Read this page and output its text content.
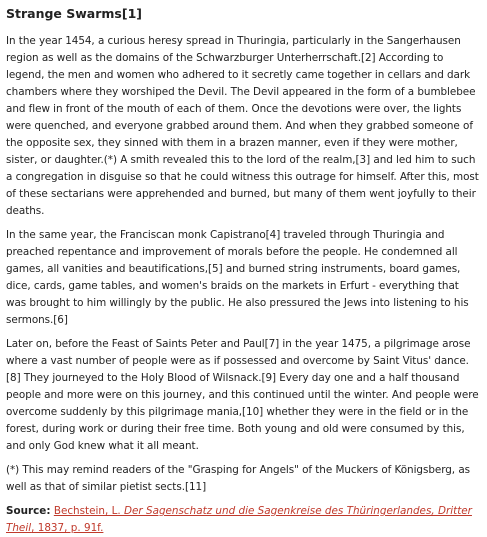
Strange Swarms[1]

In the year 1454, a curious heresy spread in Thuringia, particularly in the Sangerhausen region as well as the domains of the Schwarzburger Unterherrschaft.[2] According to legend, the men and women who adhered to it secretly came together in cellars and dark chambers where they worshiped the Devil. The Devil appeared in the form of a bumblebee and flew in front of the mouth of each of them. Once the devotions were over, the lights were quenched, and everyone grabbed around them. And when they grabbed someone of the opposite sex, they sinned with them in a brazen manner, even if they were mother, sister, or daughter.(*) A smith revealed this to the lord of the realm,[3] and led him to such a congregation in disguise so that he could witness this outrage for himself. After this, most of these sectarians were apprehended and burned, but many of them went joyfully to their deaths.

In the same year, the Franciscan monk Capistrano[4] traveled through Thuringia and preached repentance and improvement of morals before the people. He condemned all games, all vanities and beautifications,[5] and burned string instruments, board games, dice, cards, game tables, and women's braids on the markets in Erfurt - everything that was brought to him willingly by the public. He also pressured the Jews into listening to his sermons.[6]

Later on, before the Feast of Saints Peter and Paul[7] in the year 1475, a pilgrimage arose where a vast number of people were as if possessed and overcome by Saint Vitus' dance.[8] They journeyed to the Holy Blood of Wilsnack.[9] Every day one and a half thousand people and more were on this journey, and this continued until the winter. And people were overcome suddenly by this pilgrimage mania,[10] whether they were in the field or in the forest, during work or during their free time. Both young and old were consumed by this, and only God knew what it all meant.

(*) This may remind readers of the "Grasping for Angels" of the Muckers of Königsberg, as well as that of similar pietist sects.[11]

Source: Bechstein, L. Der Sagenschatz und die Sagenkreise des Thüringerlandes, Dritter Theil, 1837, p. 91f.
